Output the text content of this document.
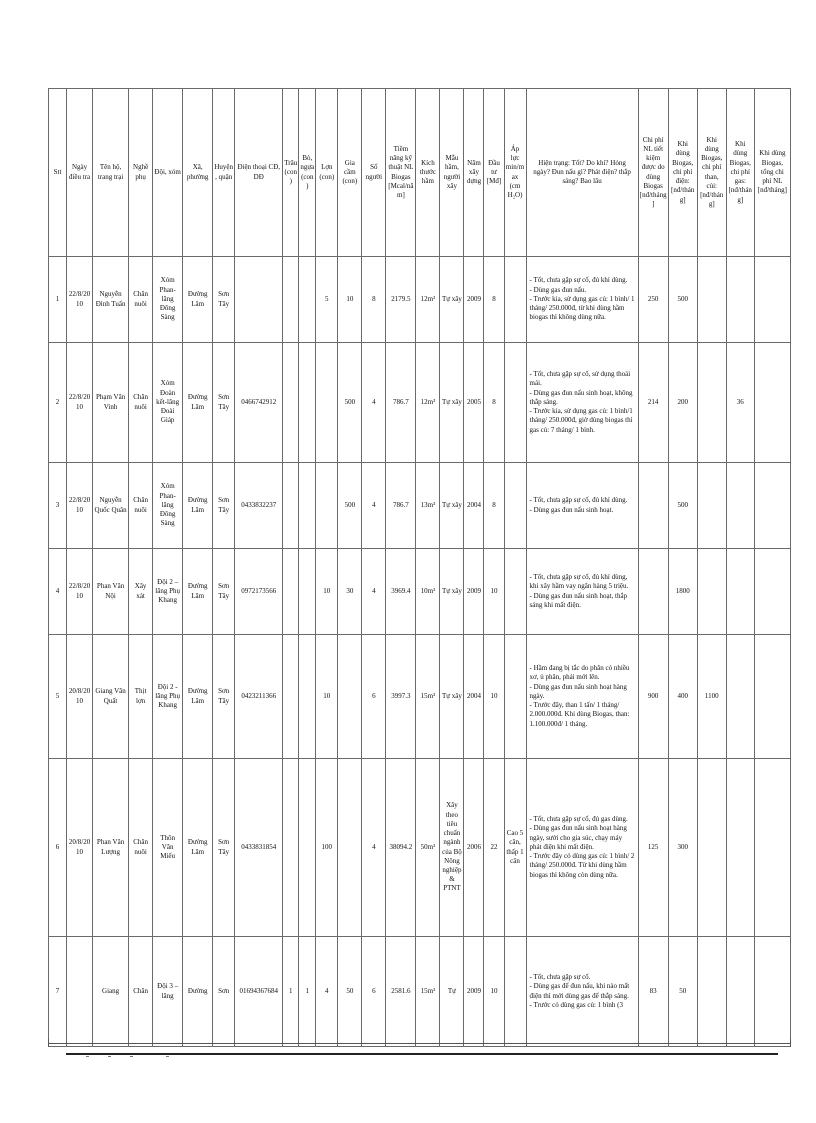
Stt	Ngày điều tra	Tên hộ, trang trại	Nghề phụ	Đội, xóm	Xã, phường	Huyện, quận	Điện thoại CĐ, DĐ	Trâu (con)	Bò, ngựa (con)	Lợn (con)	Gia cầm (con)	Số người	Tiềm năng kỹ thuật NL Biogas [Mcal/năm]	Kích thước hầm	Mẫu hầm, người xây	Năm xây dựng	Đầu tư [Mđ]	Áp lực min/max (cm H₂O)	Hiện trạng: Tốt? Do khí? Hỏng ngày? Đun nấu gì? Phát điện? thắp sáng? Bao lâu	Chi phí NL tiết kiệm được do dùng Biogas [nđ/tháng]	Khi dùng Biogas, chi phí điện: [nđ/tháng]	Khi dùng Biogas, chi phí than, củi: [nđ/tháng]	Khi dùng Biogas, chi phí gas: [nđ/tháng]	Khi dùng Biogas, tổng chi phí NL [nđ/tháng]
1	22/8/2010	Nguyễn Đình Tuấn	Chăn nuôi	Xóm Phan-lăng Đông Sàng	Đường Lâm	Sơn Tây				5	10	8	2179.5	12m³	Tự xây	2009	8		- Tốt, chưa gặp sự cố, đủ khí dùng.
- Dùng gas đun nấu.
- Trước kia, sử dụng gas củ: 1 bình/ 1 tháng/ 250.000đ, từ khi dùng hầm biogas thì không dùng nữa.	250	500			
2	22/8/2010	Phạm Văn Vinh	Chăn nuôi	Xóm Đoàn kết-lăng Đoài Giáp	Đường Lâm	Sơn Tây	0466742912				500	4	786.7	12m³	Tự xây	2005	8		- Tốt, chưa gặp sự cố, sử dụng thoải mái.
- Dùng gas đun nấu sinh hoạt, không thắp sáng.
- Trước kia, sử dụng gas củ: 1 bình/1 tháng/ 250.000đ, giờ dùng biogas thì gas củ: 7 tháng/ 1 bình.	214	200		36	
3	22/8/2010	Nguyễn Quốc Quân	Chăn nuôi	Xóm Phan-lăng Đông Sàng	Đường Lâm	Sơn Tây	0433832237				500	4	786.7	13m³	Tự xây	2004	8		- Tốt, chưa gặp sự cố, đủ khí dùng.
- Dùng gas đun nấu sinh hoạt.		500			
4	22/8/2010	Phan Văn Nội	Xây xát	Đội 2 – lăng Phụ Khang	Đường Lâm	Sơn Tây	0972173566			10	30	4	3969.4	10m³	Tự xây	2009	10		- Tốt, chưa gặp sự cố, đủ khí dùng, khi xây hầm vay ngân hàng 5 triệu.
- Dùng gas đun nấu sinh hoạt, thắp sáng khi mất điện.		1800			
5	20/8/2010	Giang Văn Quất	Thịt lợn	Đội 2 - lăng Phụ Khang	Đường Lâm	Sơn Tây	0423211366			10		6	3997.3	15m³	Tự xây	2004	10		- Hầm đang bị tắc do phân có nhiều xơ, ủ phân, phải mới lên.
- Dùng gas đun nấu sinh hoạt hàng ngày.
- Trước đây, than 1 tấn/ 1 tháng/ 2.000.000đ. Khi dùng Biogas, than: 1.100.000đ/ 1 tháng.	900	400	1100		
6	20/8/2010	Phan Văn Lượng	Chăn nuôi	Thôn Văn Miếu	Đường Lâm	Sơn Tây	0433831854			100		4	38094.2	50m³	Xây theo tiêu chuẩn ngành của Bộ Nông nghiệp & PTNT	2006	22	Cao 5 cân, thấp 1 cân	- Tốt, chưa gặp sự cố, đủ gas dùng.
- Dùng gas đun nấu sinh hoạt hàng ngày, sưởi cho gia súc, chạy máy phát điện khi mất điện.
- Trước đây có dùng gas củ: 1 bình/ 2 tháng/ 250.000đ. Từ khi dùng hầm biogas thì không còn dùng nữa.	125	300			
7		Giang	Chăn	Đội 3 – lăng	Đường	Sơn	01694367684	1	1	4	50	6	2581.6	15m³	Tự	2009	10		- Tốt, chưa gặp sự cố.
- Dùng gas để đun nấu, khi nào mất điện thì mới dùng gas để thắp sáng.
- Trước có dùng gas củ: 1 bình (3	83	50			
